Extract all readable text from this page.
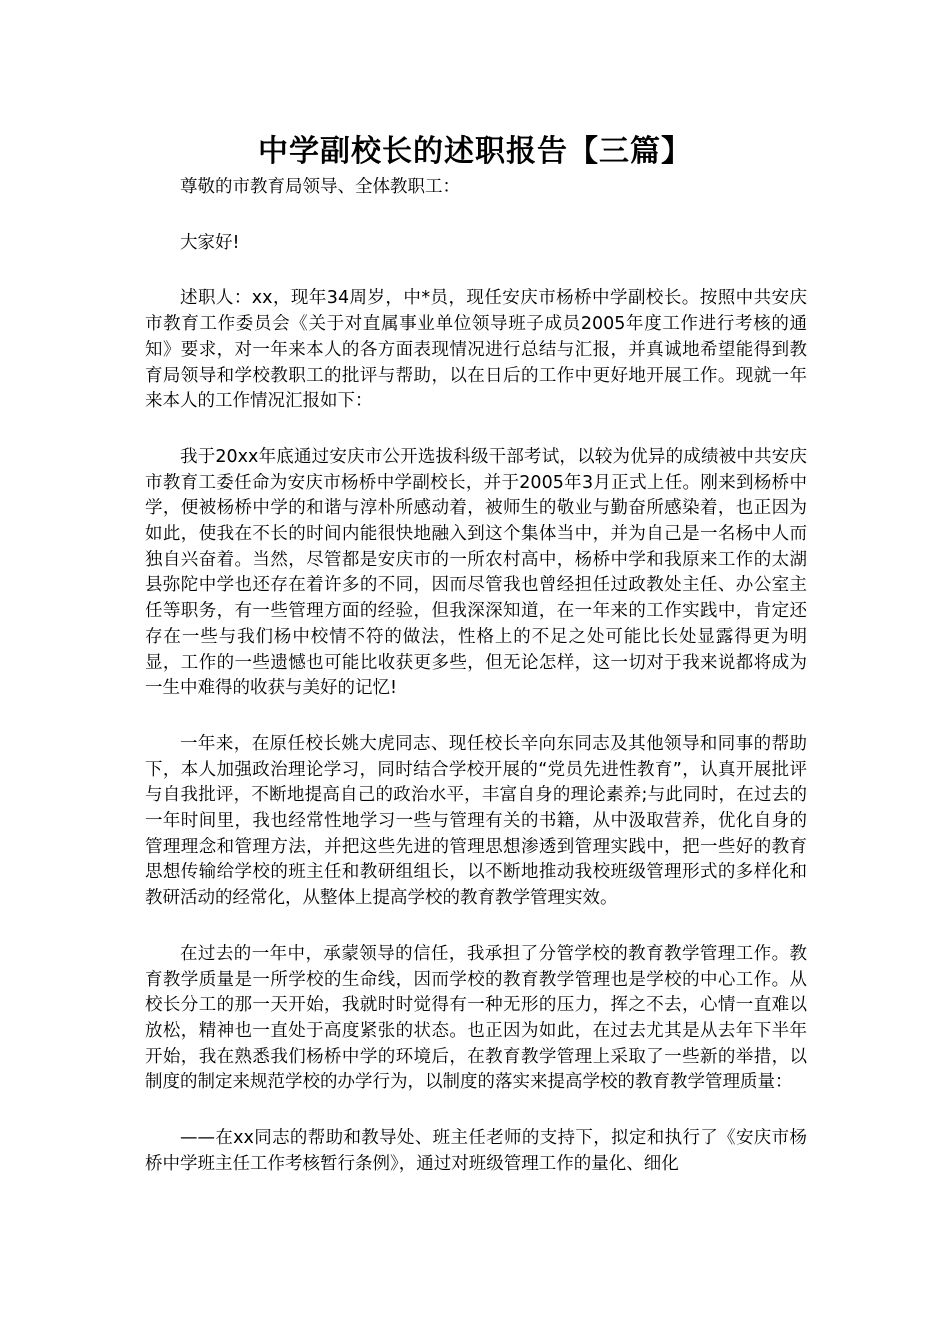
中学副校长的述职报告【三篇】

尊敬的市教育局领导、全体教职工：

大家好!

述职人：xx，现年34周岁，中*员，现任安庆市杨桥中学副校长。按照中共安庆市教育工作委员会《关于对直属事业单位领导班子成员2005年度工作进行考核的通知》要求，对一年来本人的各方面表现情况进行总结与汇报，并真诚地希望能得到教育局领导和学校教职工的批评与帮助，以在日后的工作中更好地开展工作。现就一年来本人的工作情况汇报如下：

我于20xx年底通过安庆市公开选拔科级干部考试，以较为优异的成绩被中共安庆市教育工委任命为安庆市杨桥中学副校长，并于2005年3月正式上任。刚来到杨桥中学，便被杨桥中学的和谐与淳朴所感动着，被师生的敬业与勤奋所感染着，也正因为如此，使我在不长的时间内能很快地融入到这个集体当中，并为自己是一名杨中人而独自兴奋着。当然，尽管都是安庆市的一所农村高中，杨桥中学和我原来工作的太湖县弥陀中学也还存在着许多的不同，因而尽管我也曾经担任过政教处主任、办公室主任等职务，有一些管理方面的经验，但我深深知道，在一年来的工作实践中，肯定还存在一些与我们杨中校情不符的做法，性格上的不足之处可能比长处显露得更为明显，工作的一些遗憾也可能比收获更多些，但无论怎样，这一切对于我来说都将成为一生中难得的收获与美好的记忆!

一年来，在原任校长姚大虎同志、现任校长辛向东同志及其他领导和同事的帮助下，本人加强政治理论学习，同时结合学校开展的“党员先进性教育”，认真开展批评与自我批评，不断地提高自己的政治水平，丰富自身的理论素养;与此同时，在过去的一年时间里，我也经常性地学习一些与管理有关的书籍，从中汲取营养，优化自身的管理理念和管理方法，并把这些先进的管理思想渗透到管理实践中，把一些好的教育思想传输给学校的班主任和教研组组长，以不断地推动我校班级管理形式的多样化和教研活动的经常化，从整体上提高学校的教育教学管理实效。

在过去的一年中，承蒙领导的信任，我承担了分管学校的教育教学管理工作。教育教学质量是一所学校的生命线，因而学校的教育教学管理也是学校的中心工作。从校长分工的那一天开始，我就时时觉得有一种无形的压力，挥之不去，心情一直难以放松，精神也一直处于高度紧张的状态。也正因为如此，在过去尤其是从去年下半年开始，我在熟悉我们杨桥中学的环境后，在教育教学管理上采取了一些新的举措，以制度的制定来规范学校的办学行为，以制度的落实来提高学校的教育教学管理质量：

——在xx同志的帮助和教导处、班主任老师的支持下，拟定和执行了《安庆市杨桥中学班主任工作考核暂行条例》，通过对班级管理工作的量化、细化
